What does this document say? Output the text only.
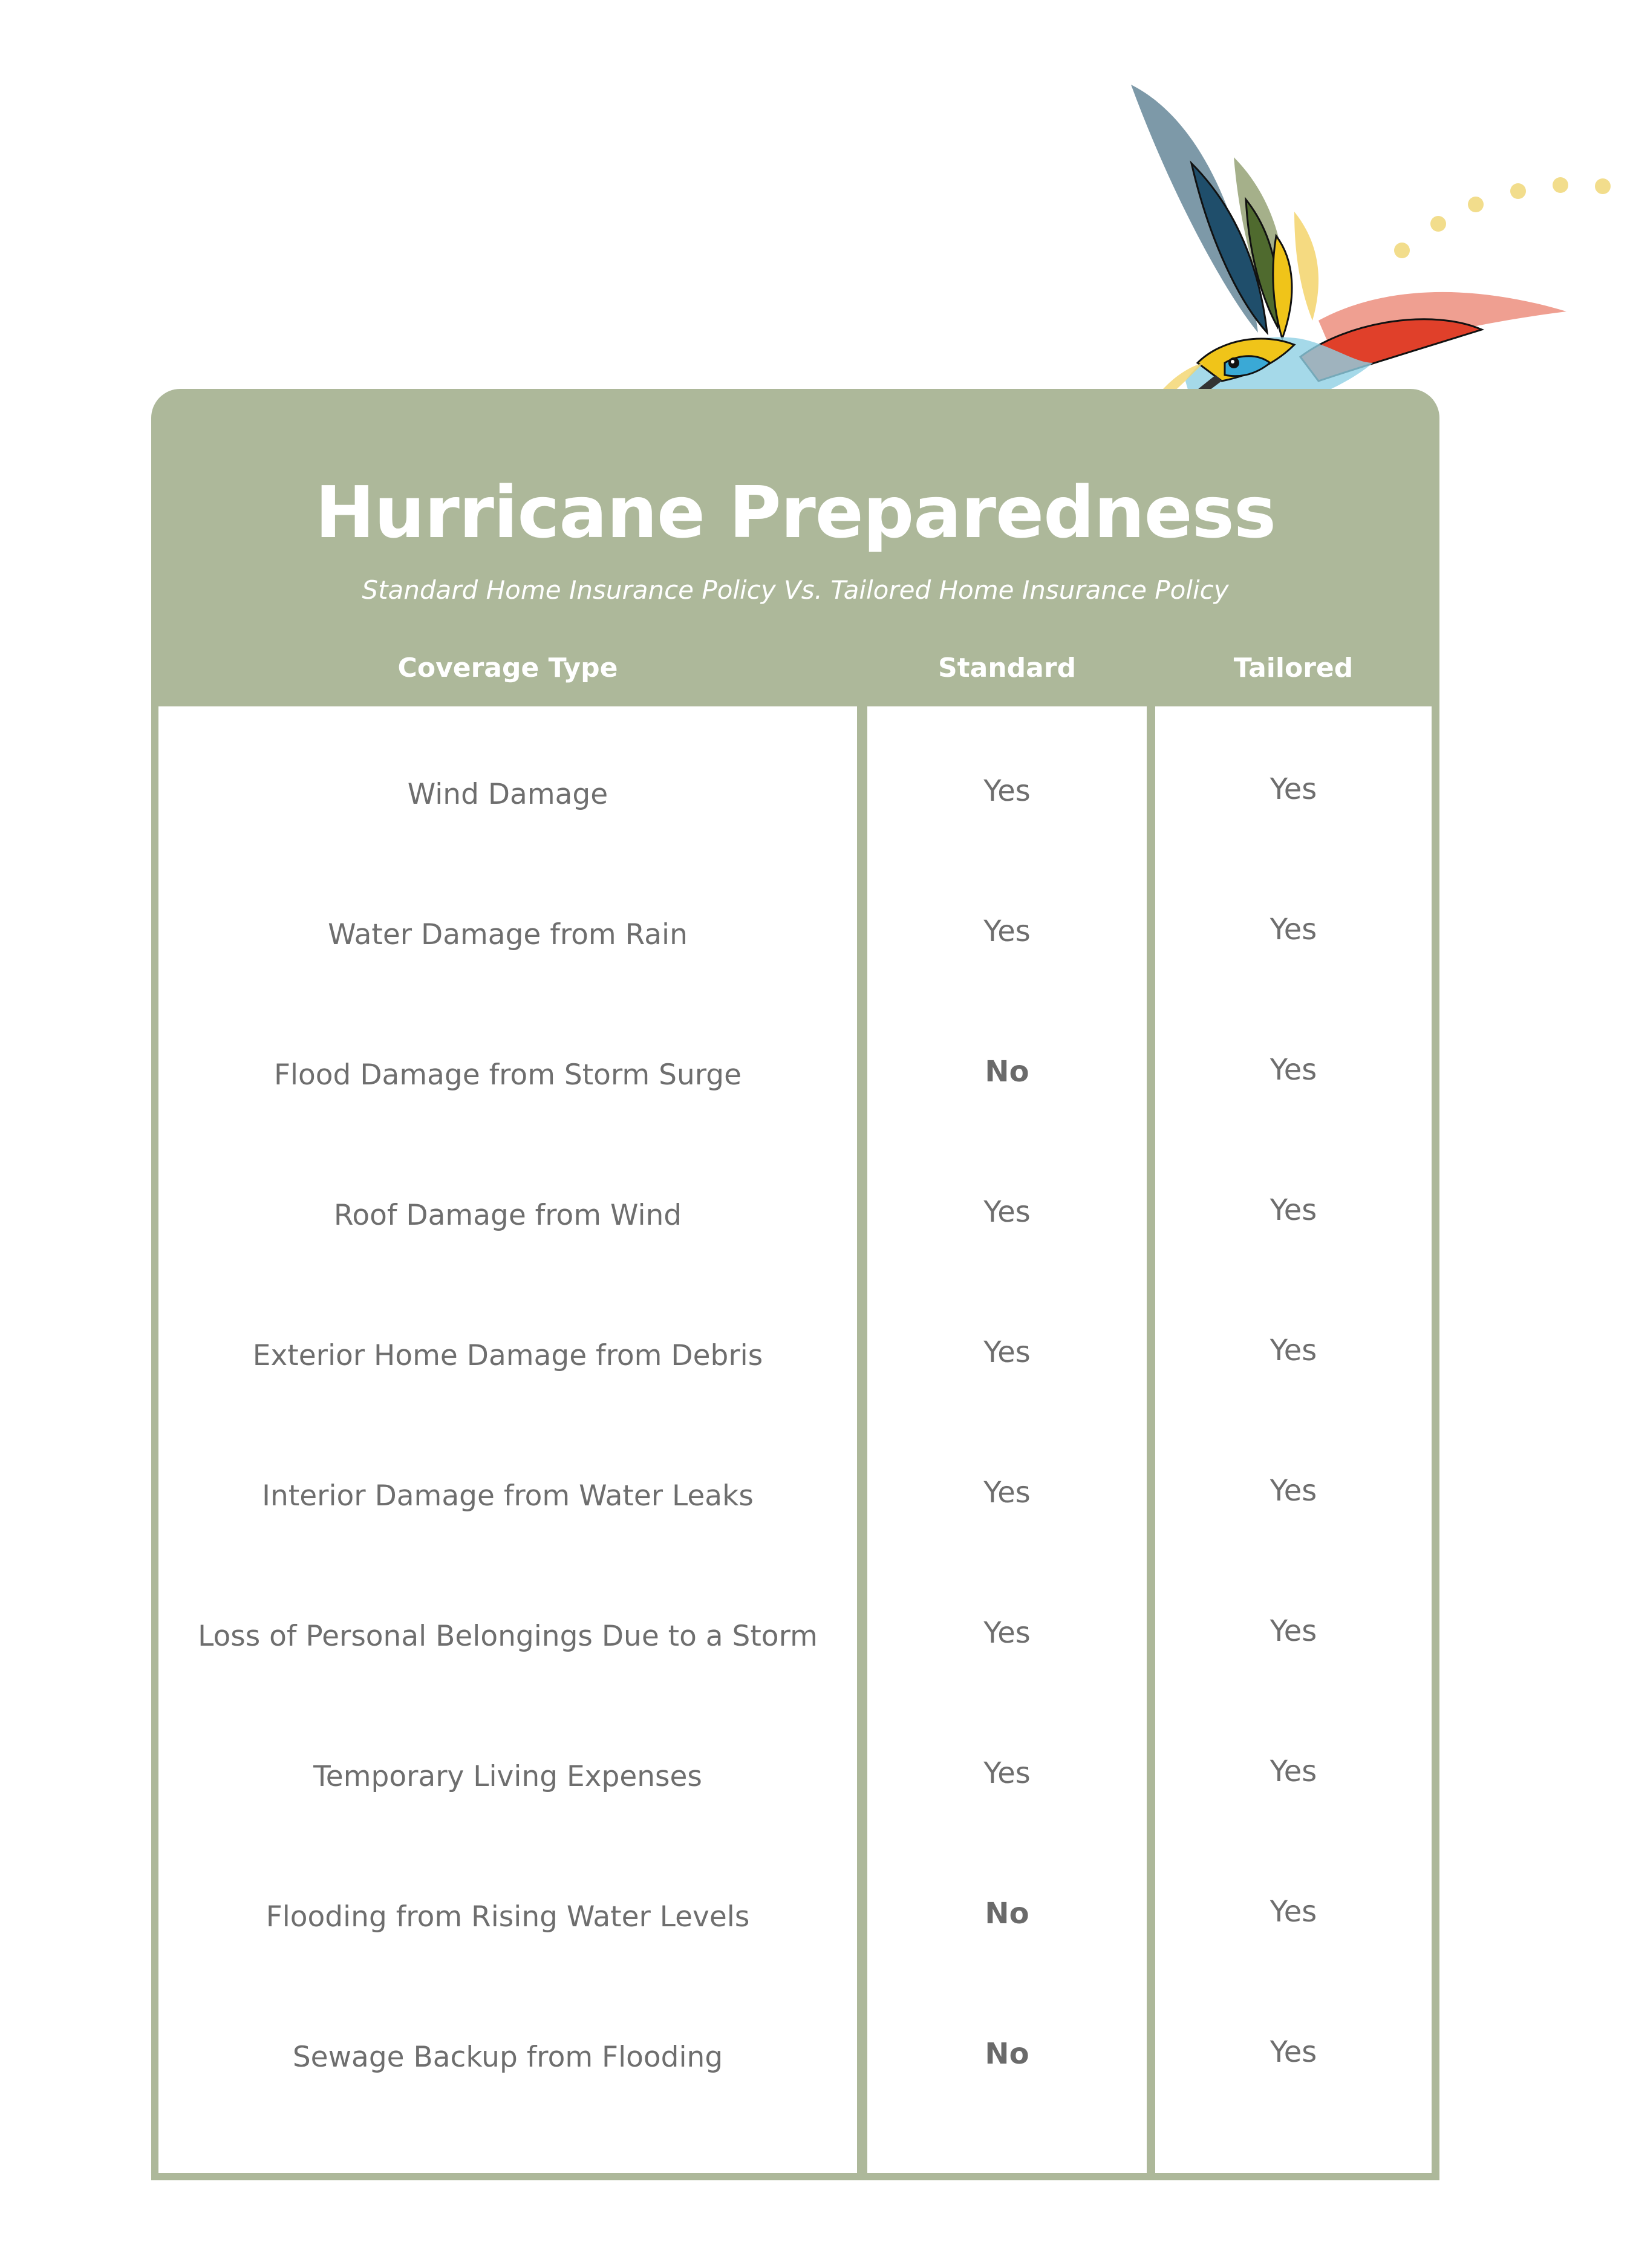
Hurricane Preparedness
Standard Home Insurance Policy Vs. Tailored Home Insurance Policy
Coverage Type	Standard	Tailored
Wind Damage
Water Damage from Rain
Flood Damage from Storm Surge
Roof Damage from Wind
Exterior Home Damage from Debris
Interior Damage from Water Leaks
Loss of Personal Belongings Due to a Storm
Temporary Living Expenses
Flooding from Rising Water Levels
Sewage Backup from Flooding
Yes
Yes
No
Yes
Yes
Yes
Yes
Yes
No
No
Yes
Yes
Yes
Yes
Yes
Yes
Yes
Yes
Yes
Yes
